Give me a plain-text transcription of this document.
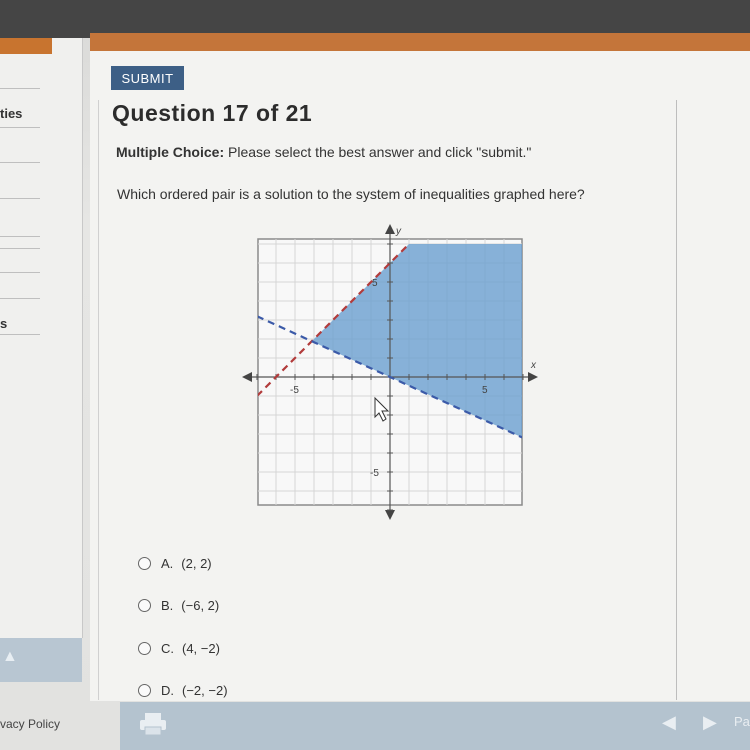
ties
s
▲
vacy Policy
SUBMIT
Question 17 of 21
Multiple Choice: Please select the best answer and click "submit."
Which ordered pair is a solution to the system of inequalities graphed here?
x
y
-5	5
5
-5
A. (2, 2)
B. (−6, 2)
C. (4, −2)
D. (−2, −2)
◀ ▶ Pa
